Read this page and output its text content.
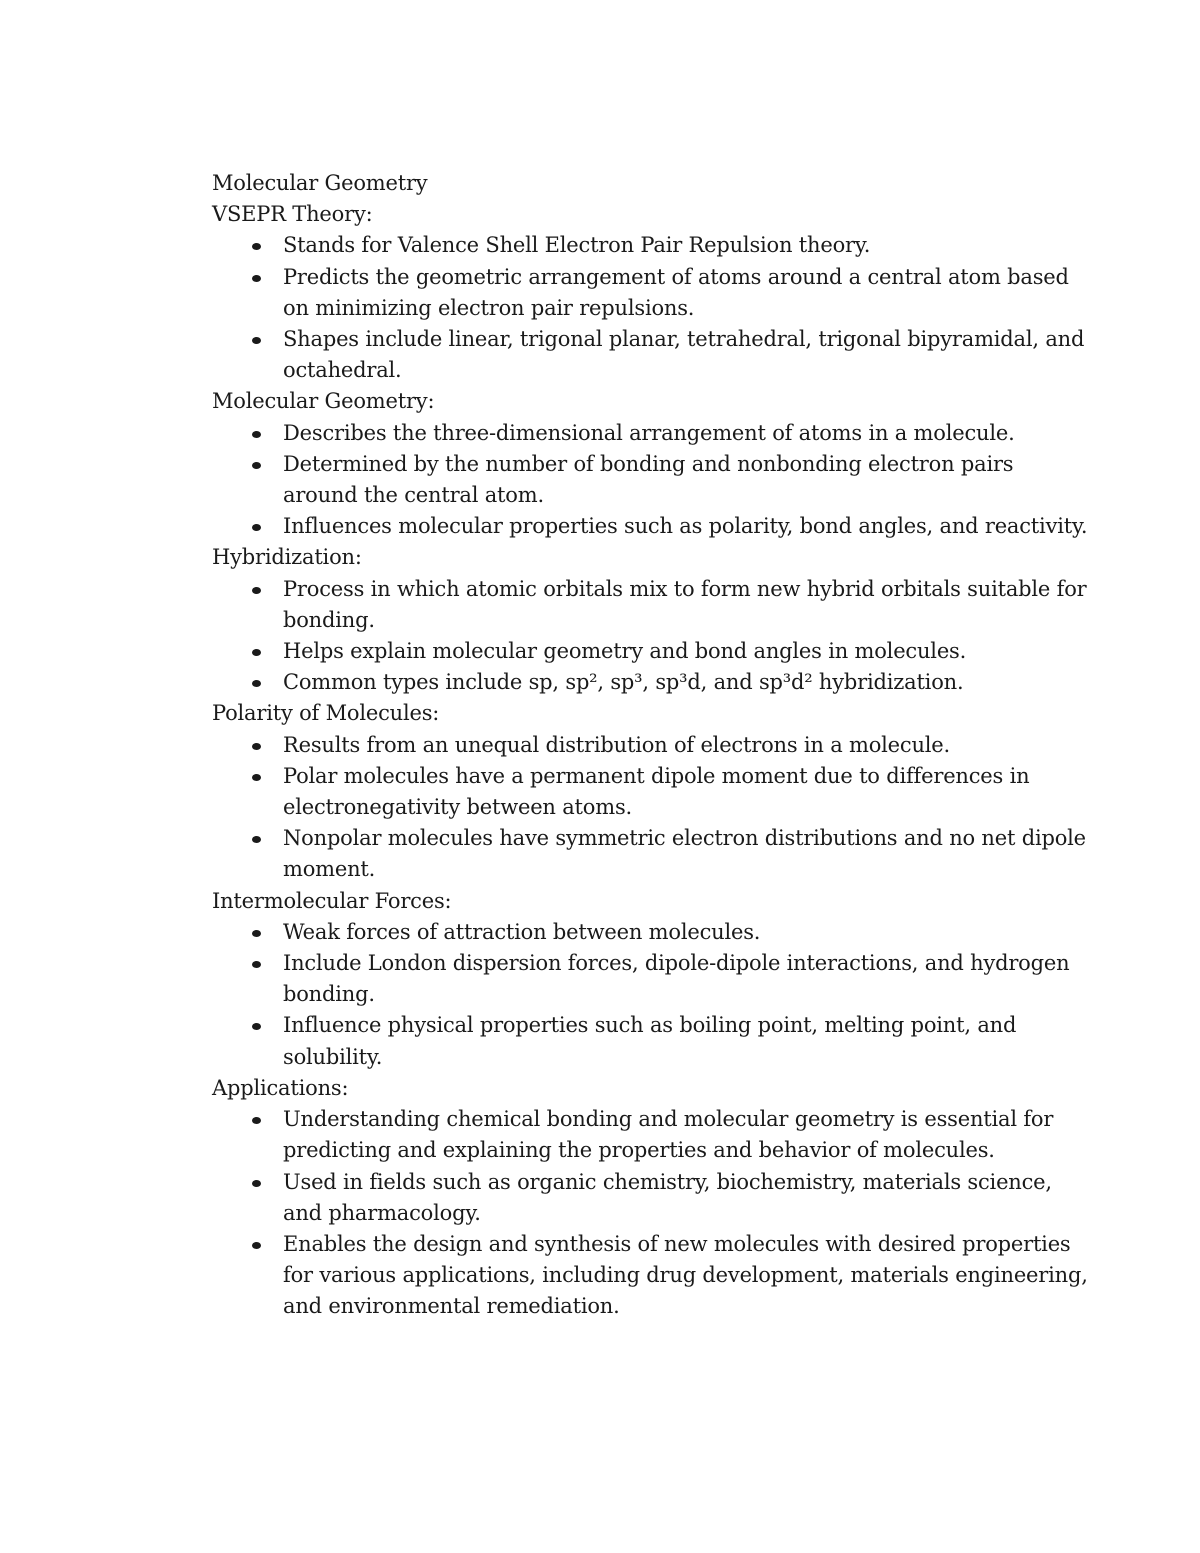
Molecular Geometry
VSEPR Theory:
Stands for Valence Shell Electron Pair Repulsion theory.
Predicts the geometric arrangement of atoms around a central atom based on minimizing electron pair repulsions.
Shapes include linear, trigonal planar, tetrahedral, trigonal bipyramidal, and octahedral.
Molecular Geometry:
Describes the three-dimensional arrangement of atoms in a molecule.
Determined by the number of bonding and nonbonding electron pairs around the central atom.
Influences molecular properties such as polarity, bond angles, and reactivity.
Hybridization:
Process in which atomic orbitals mix to form new hybrid orbitals suitable for bonding.
Helps explain molecular geometry and bond angles in molecules.
Common types include sp, sp², sp³, sp³d, and sp³d² hybridization.
Polarity of Molecules:
Results from an unequal distribution of electrons in a molecule.
Polar molecules have a permanent dipole moment due to differences in electronegativity between atoms.
Nonpolar molecules have symmetric electron distributions and no net dipole moment.
Intermolecular Forces:
Weak forces of attraction between molecules.
Include London dispersion forces, dipole-dipole interactions, and hydrogen bonding.
Influence physical properties such as boiling point, melting point, and solubility.
Applications:
Understanding chemical bonding and molecular geometry is essential for predicting and explaining the properties and behavior of molecules.
Used in fields such as organic chemistry, biochemistry, materials science, and pharmacology.
Enables the design and synthesis of new molecules with desired properties for various applications, including drug development, materials engineering, and environmental remediation.
